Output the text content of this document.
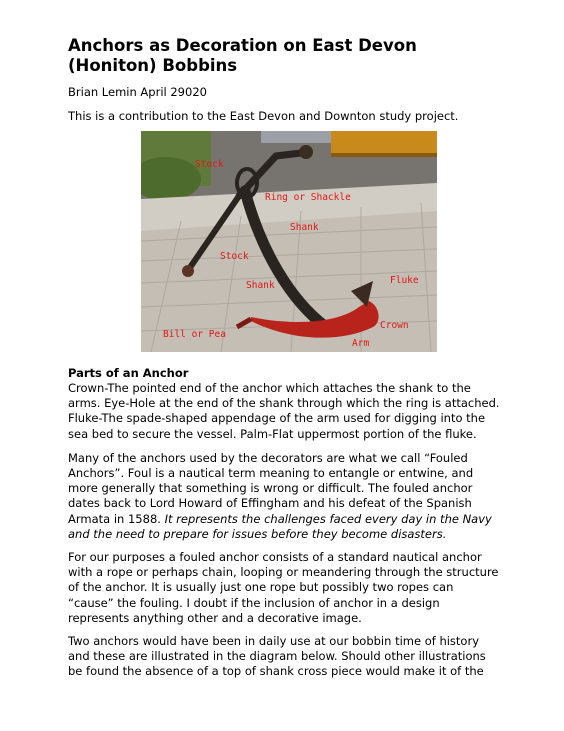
Anchors as Decoration on East Devon (Honiton) Bobbins
Brian Lemin April 29020
This is a contribution to the East Devon and Downton study project.
Stock
Ring or Shackle
Shank
Stock
Fluke
Shank
Crown
Bill or Pea
Arm
Parts of an Anchor

Crown-The pointed end of the anchor which attaches the shank to the arms. Eye-Hole at the end of the shank through which the ring is attached. Fluke-The spade-shaped appendage of the arm used for digging into the sea bed to secure the vessel. Palm-Flat uppermost portion of the fluke.

Many of the anchors used by the decorators are what we call “Fouled Anchors”. Foul is a nautical term meaning to entangle or entwine, and more generally that something is wrong or difficult. The fouled anchor dates back to Lord Howard of Effingham and his defeat of the Spanish Armata in 1588. It represents the challenges faced every day in the Navy and the need to prepare for issues before they become disasters.

For our purposes a fouled anchor consists of a standard nautical anchor with a rope or perhaps chain, looping or meandering through the structure of the anchor. It is usually just one rope but possibly two ropes can “cause” the fouling. I doubt if the inclusion of anchor in a design represents anything other and a decorative image.

Two anchors would have been in daily use at our bobbin time of history and these are illustrated in the diagram below. Should other illustrations be found the absence of a top of shank cross piece would make it of the
